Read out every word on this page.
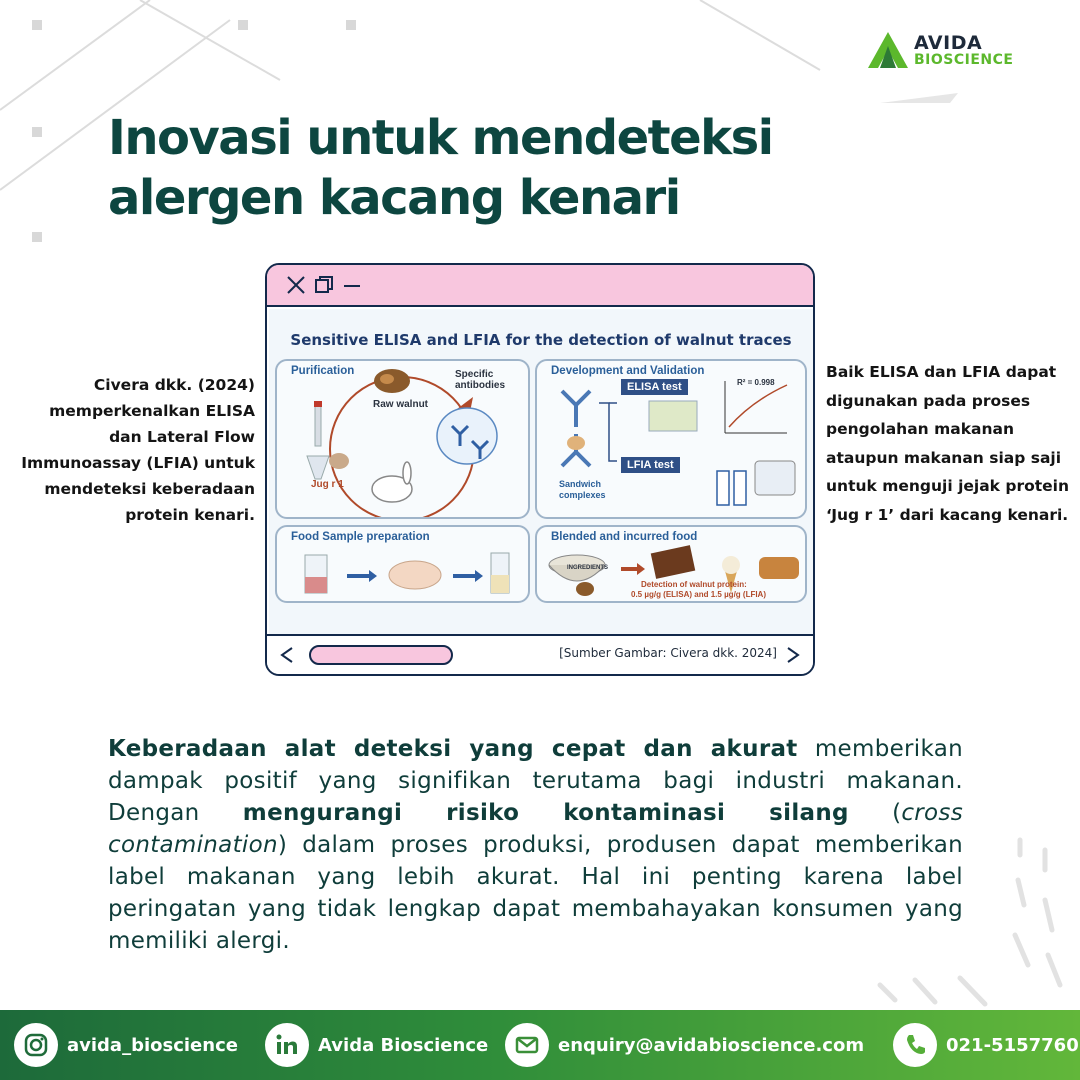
AVIDA
BIOSCIENCE
Inovasi untuk mendeteksi
alergen kacang kenari
Civera dkk. (2024) memperkenalkan ELISA dan Lateral Flow Immunoassay (LFIA) untuk mendeteksi keberadaan protein kenari.
Baik ELISA dan LFIA dapat digunakan pada proses pengolahan makanan ataupun makanan siap saji untuk menguji jejak protein ‘Jug r 1’ dari kacang kenari.
Sensitive ELISA and LFIA for the detection of walnut traces
Purification
Raw walnut
Specific antibodies
Jug r 1
Development and Validation
ELISA test
LFIA test
R² = 0.998
Sandwich complexes
Food Sample preparation	Blended and incurred food
INGREDIENTS
Detection of walnut protein:
0.5 µg/g (ELISA) and 1.5 µg/g (LFIA)
[Sumber Gambar: Civera dkk. 2024]

Keberadaan alat deteksi yang cepat dan akurat memberikan dampak positif yang signifikan terutama bagi industri makanan. Dengan mengurangi risiko kontaminasi silang (cross contamination) dalam proses produksi, produsen dapat memberikan label makanan yang lebih akurat. Hal ini penting karena label peringatan yang tidak lengkap dapat membahayakan konsumen yang memiliki alergi.

avida_bioscience	Avida Bioscience	enquiry@avidabioscience.com	021-5157760
